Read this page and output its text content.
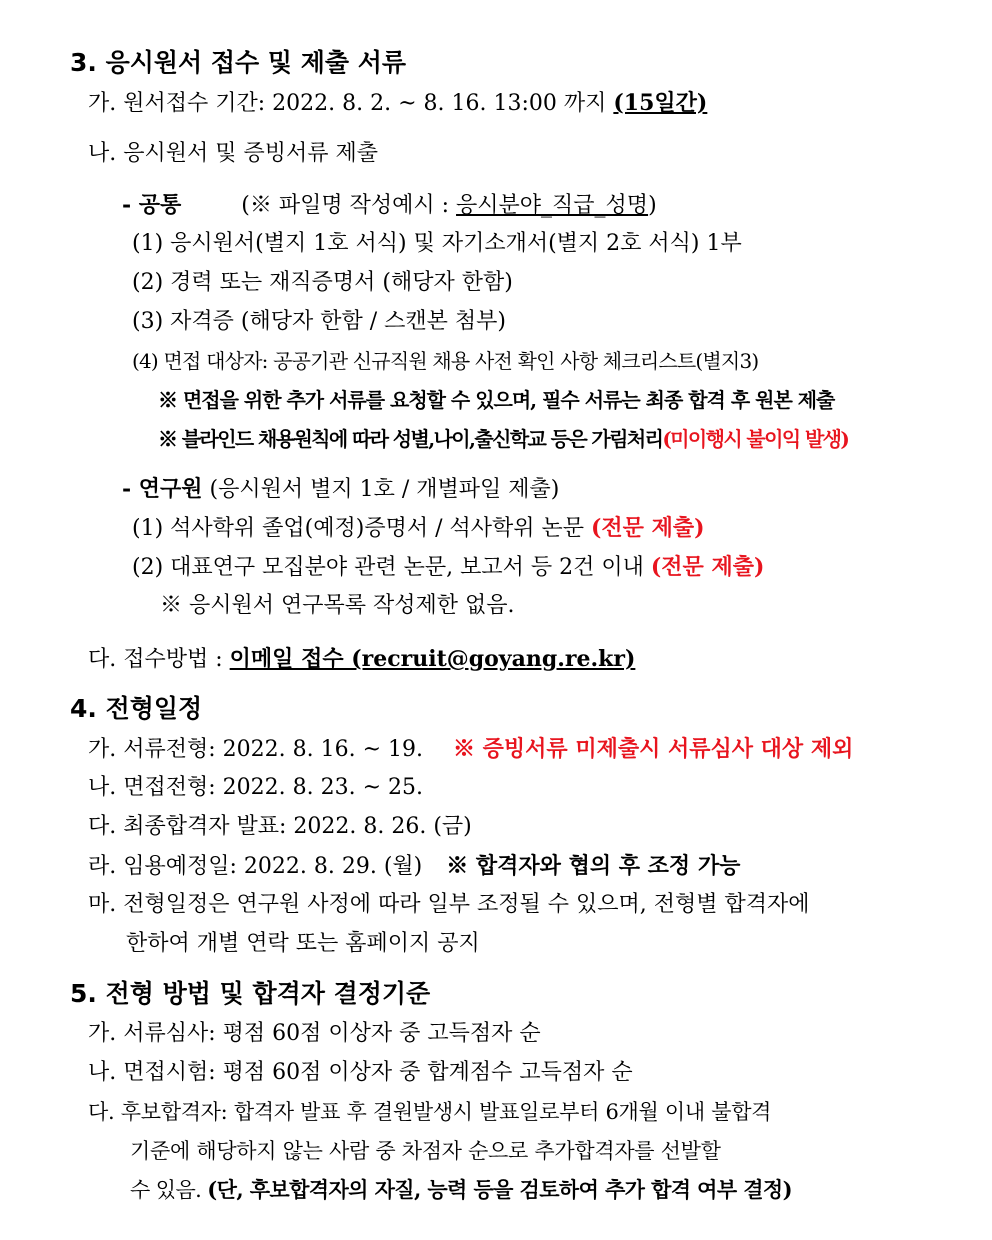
3. 응시원서 접수 및 제출 서류
가. 원서접수 기간: 2022. 8. 2. ~ 8. 16. 13:00 까지 (15일간)
나. 응시원서 및 증빙서류 제출
- 공통	(※ 파일명 작성예시 : 응시분야_직급_성명)
(1) 응시원서(별지 1호 서식) 및 자기소개서(별지 2호 서식) 1부
(2) 경력 또는 재직증명서 (해당자 한함)
(3) 자격증 (해당자 한함 / 스캔본 첨부)
(4) 면접 대상자: 공공기관 신규직원 채용 사전 확인 사항 체크리스트(별지3)
※ 면접을 위한 추가 서류를 요청할 수 있으며, 필수 서류는 최종 합격 후 원본 제출
※ 블라인드 채용원칙에 따라 성별,나이,출신학교 등은 가림처리(미이행시 불이익 발생)
- 연구원 (응시원서 별지 1호 / 개별파일 제출)
(1) 석사학위 졸업(예정)증명서 / 석사학위 논문 (전문 제출)
(2) 대표연구 모집분야 관련 논문, 보고서 등 2건 이내 (전문 제출)
※ 응시원서 연구목록 작성제한 없음.
다. 접수방법 : 이메일 접수 (recruit@goyang.re.kr)
4. 전형일정
가. 서류전형: 2022. 8. 16. ~ 19. ※ 증빙서류 미제출시 서류심사 대상 제외
나. 면접전형: 2022. 8. 23. ~ 25.
다. 최종합격자 발표: 2022. 8. 26. (금)
라. 임용예정일: 2022. 8. 29. (월) ※ 합격자와 협의 후 조정 가능
마. 전형일정은 연구원 사정에 따라 일부 조정될 수 있으며, 전형별 합격자에
한하여 개별 연락 또는 홈페이지 공지
5. 전형 방법 및 합격자 결정기준
가. 서류심사: 평점 60점 이상자 중 고득점자 순
나. 면접시험: 평점 60점 이상자 중 합계점수 고득점자 순
다. 후보합격자: 합격자 발표 후 결원발생시 발표일로부터 6개월 이내 불합격
기준에 해당하지 않는 사람 중 차점자 순으로 추가합격자를 선발할
수 있음. (단, 후보합격자의 자질, 능력 등을 검토하여 추가 합격 여부 결정)
